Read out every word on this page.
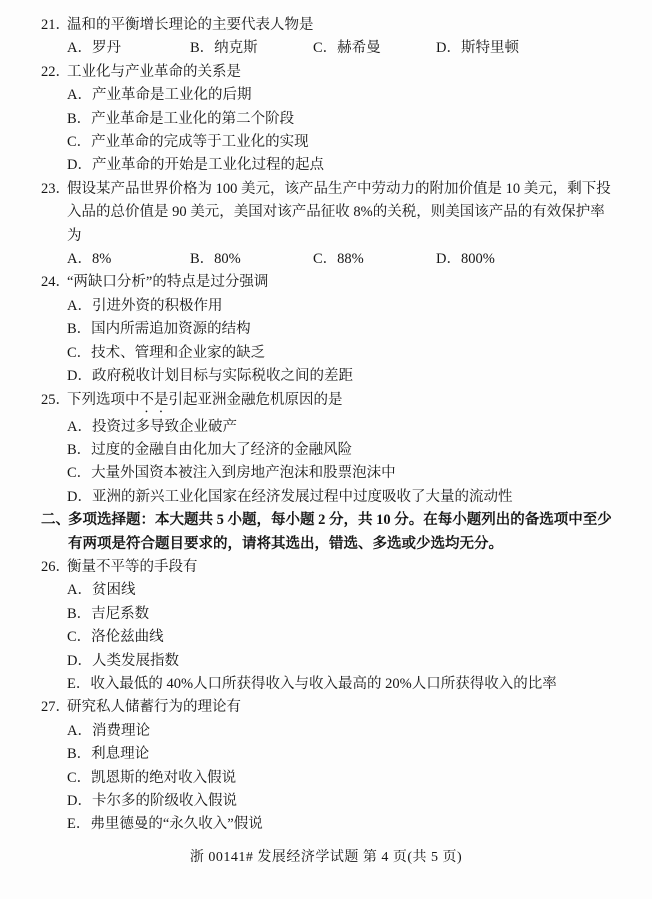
21．温和的平衡增长理论的主要代表人物是
A．罗丹	B．纳克斯	C．赫希曼	D．斯特里顿
22．工业化与产业革命的关系是
A．产业革命是工业化的后期
B．产业革命是工业化的第二个阶段
C．产业革命的完成等于工业化的实现
D．产业革命的开始是工业化过程的起点
23．假设某产品世界价格为 100 美元，该产品生产中劳动力的附加价值是 10 美元，剩下投入品的总价值是 90 美元，美国对该产品征收 8%的关税，则美国该产品的有效保护率为
A．8%	B．80%	C．88%	D．800%
24．“两缺口分析”的特点是过分强调
A．引进外资的积极作用
B．国内所需追加资源的结构
C．技术、管理和企业家的缺乏
D．政府税收计划目标与实际税收之间的差距
25．下列选项中不是引起亚洲金融危机原因的是
A．投资过多导致企业破产
B．过度的金融自由化加大了经济的金融风险
C．大量外国资本被注入到房地产泡沫和股票泡沫中
D．亚洲的新兴工业化国家在经济发展过程中过度吸收了大量的流动性
二、多项选择题：本大题共 5 小题，每小题 2 分，共 10 分。在每小题列出的备选项中至少有两项是符合题目要求的，请将其选出，错选、多选或少选均无分。
26．衡量不平等的手段有
A．贫困线
B．吉尼系数
C．洛伦兹曲线
D．人类发展指数
E．收入最低的 40%人口所获得收入与收入最高的 20%人口所获得收入的比率
27．研究私人储蓄行为的理论有
A．消费理论
B．利息理论
C．凯恩斯的绝对收入假说
D．卡尔多的阶级收入假说
E．弗里德曼的“永久收入”假说
浙 00141# 发展经济学试题 第 4 页(共 5 页)
